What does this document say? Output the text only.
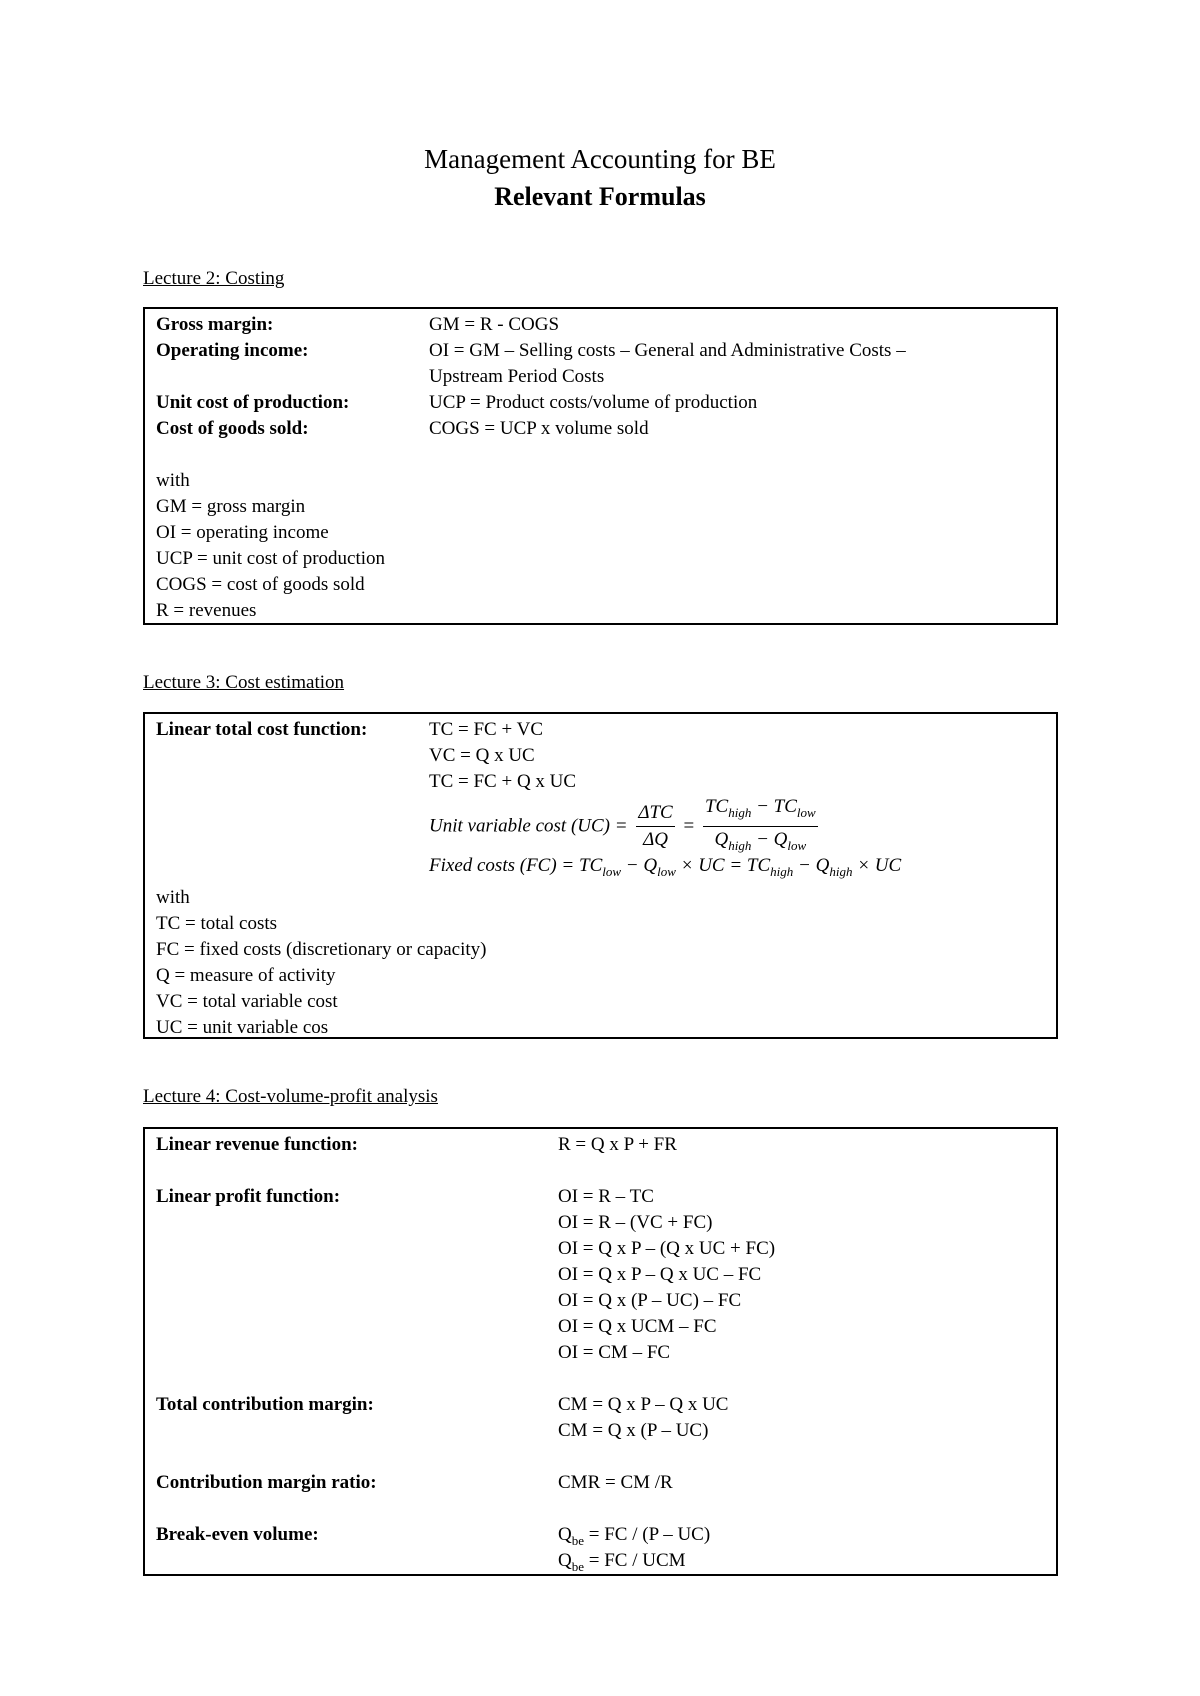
Management Accounting for BE
Relevant Formulas
Lecture 2: Costing
Gross margin:	GM = R - COGS
Operating income:	OI = GM – Selling costs – General and Administrative Costs –
Upstream Period Costs
Unit cost of production:	UCP = Product costs/volume of production
Cost of goods sold:	COGS = UCP x volume sold
with
GM = gross margin
OI = operating income
UCP = unit cost of production
COGS = cost of goods sold
R = revenues
Lecture 3: Cost estimation
Linear total cost function:	TC = FC + VC
VC = Q x UC
TC = FC + Q x UC
Unit variable cost $(UC) = \frac{\text{ΔTC}}{\Delta Q} = \frac{TC_{high} - TC_{low}}{Q_{high} - Q_{low}}$
Fixed costs $(FC) = TC_{low} - Q_{low}$ × UC = $TC_{high} - Q_{high}$ × UC
with
TC = total costs
FC = fixed costs (discretionary or capacity)
Q = measure of activity
VC = total variable cost
UC = unit variable cos
Lecture 4: Cost-volume-profit analysis
Linear revenue function:	R = Q x P + FR
Linear profit function:	OI = R – TC
OI = R – (VC + FC)
OI = Q x P – (Q x UC + FC)
OI = Q x P – Q x UC – FC
OI = Q x (P – UC) – FC
OI = Q x UCM – FC
OI = CM – FC
Total contribution margin:	CM = Q x P – Q x UC
CM = Q x (P – UC)
Contribution margin ratio:	CMR = CM /R
Break-even volume:	$Q_{be}$ = FC / (P – UC)
$Q_{be}$ = FC / UCM
